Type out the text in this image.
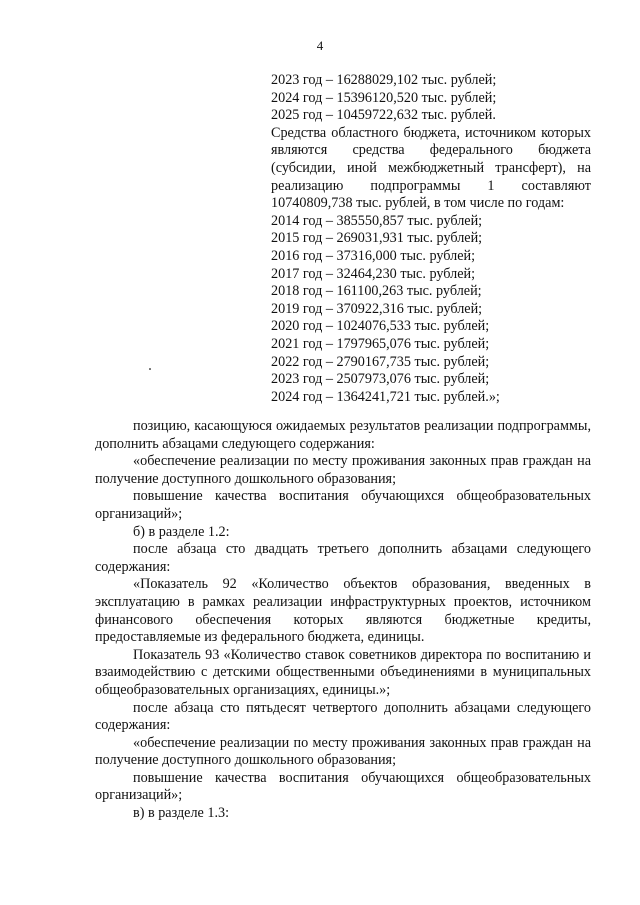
4
2023 год – 16288029,102 тыс. рублей;
2024 год – 15396120,520 тыс. рублей;
2025 год – 10459722,632 тыс. рублей.

Средства областного бюджета, источником которых являются средства федерального бюджета (субсидии, иной межбюджетный трансферт), на реализацию подпрограммы 1 составляют 10740809,738 тыс. рублей, в том числе по годам:

2014 год – 385550,857 тыс. рублей;
2015 год – 269031,931 тыс. рублей;
2016 год – 37316,000 тыс. рублей;
2017 год – 32464,230 тыс. рублей;
2018 год – 161100,263 тыс. рублей;
2019 год – 370922,316 тыс. рублей;
2020 год – 1024076,533 тыс. рублей;
2021 год – 1797965,076 тыс. рублей;
2022 год – 2790167,735 тыс. рублей;
2023 год – 2507973,076 тыс. рублей;
2024 год – 1364241,721 тыс. рублей.»;

позицию, касающуюся ожидаемых результатов реализации подпрограммы, дополнить абзацами следующего содержания:

«обеспечение реализации по месту проживания законных прав граждан на получение доступного дошкольного образования;

повышение качества воспитания обучающихся общеобразовательных организаций»;

б) в разделе 1.2:

после абзаца сто двадцать третьего дополнить абзацами следующего содержания:

«Показатель 92 «Количество объектов образования, введенных в эксплуатацию в рамках реализации инфраструктурных проектов, источником финансового обеспечения которых являются бюджетные кредиты, предоставляемые из федерального бюджета, единицы.

Показатель 93 «Количество ставок советников директора по воспитанию и взаимодействию с детскими общественными объединениями в муниципальных общеобразовательных организациях, единицы.»;

после абзаца сто пятьдесят четвертого дополнить абзацами следующего содержания:

«обеспечение реализации по месту проживания законных прав граждан на получение доступного дошкольного образования;

повышение качества воспитания обучающихся общеобразовательных организаций»;

в) в разделе 1.3:
